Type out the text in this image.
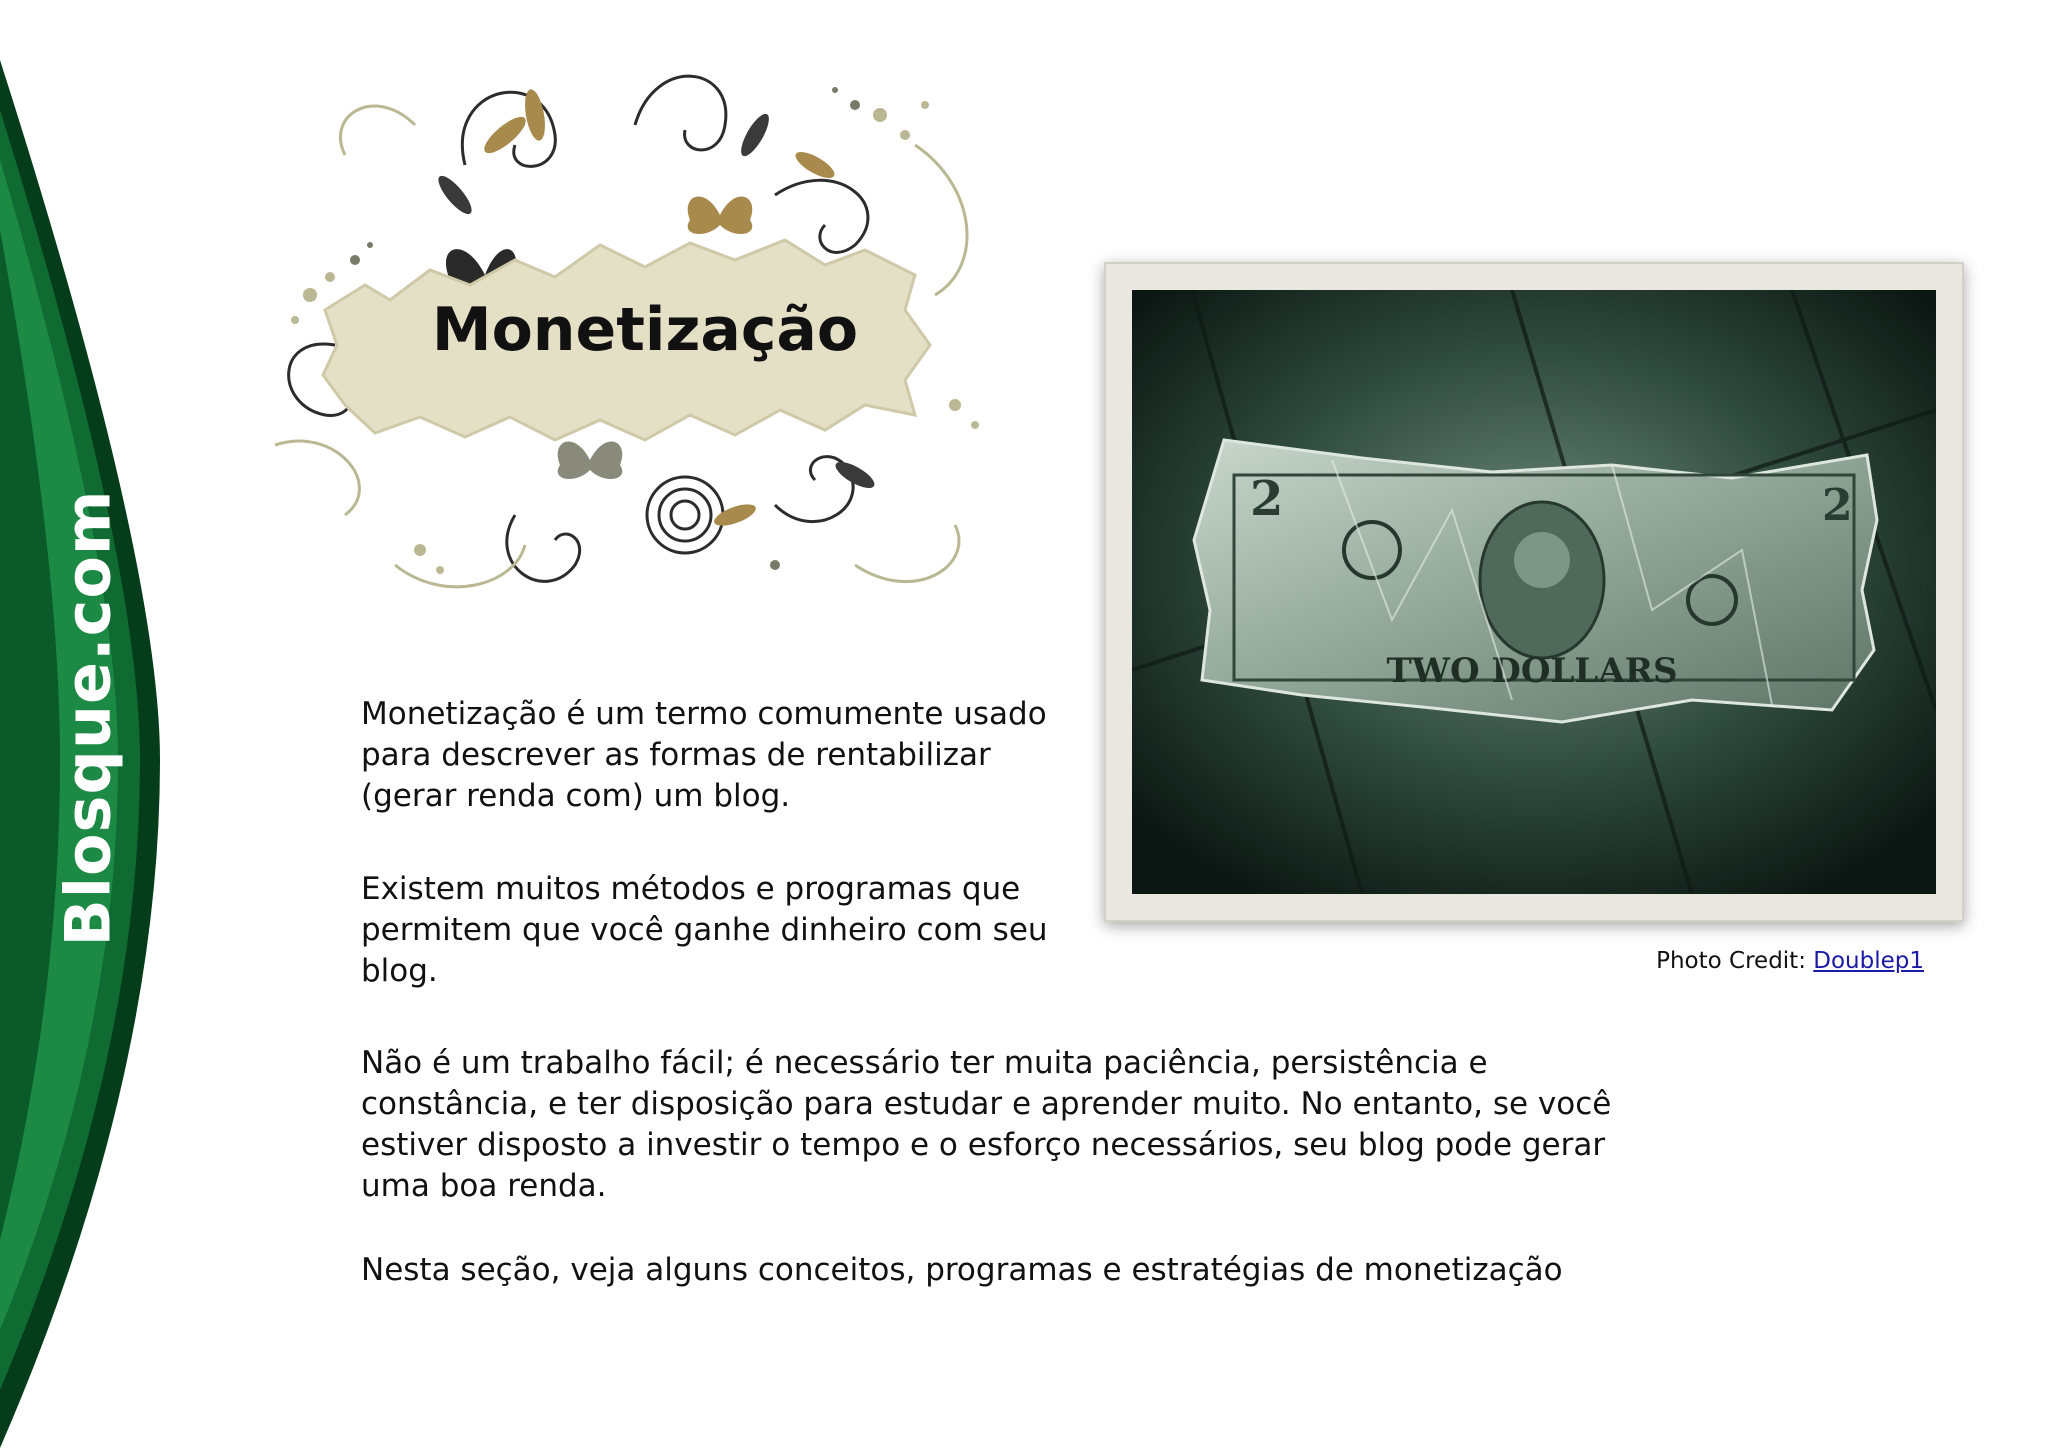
Blosque.com
Monetização

Monetização é um termo comumente usado para descrever as formas de rentabilizar (gerar renda com) um blog.

Existem muitos métodos e programas que permitem que você ganhe dinheiro com seu blog.

Não é um trabalho fácil; é necessário ter muita paciência, persistência e constância, e ter disposição para estudar e aprender muito. No entanto, se você estiver disposto a investir o tempo e o esforço necessários, seu blog pode gerar uma boa renda.

Nesta seção, veja alguns conceitos, programas e estratégias de monetização

2	2
TWO DOLLARS
Photo Credit: Doublep1
